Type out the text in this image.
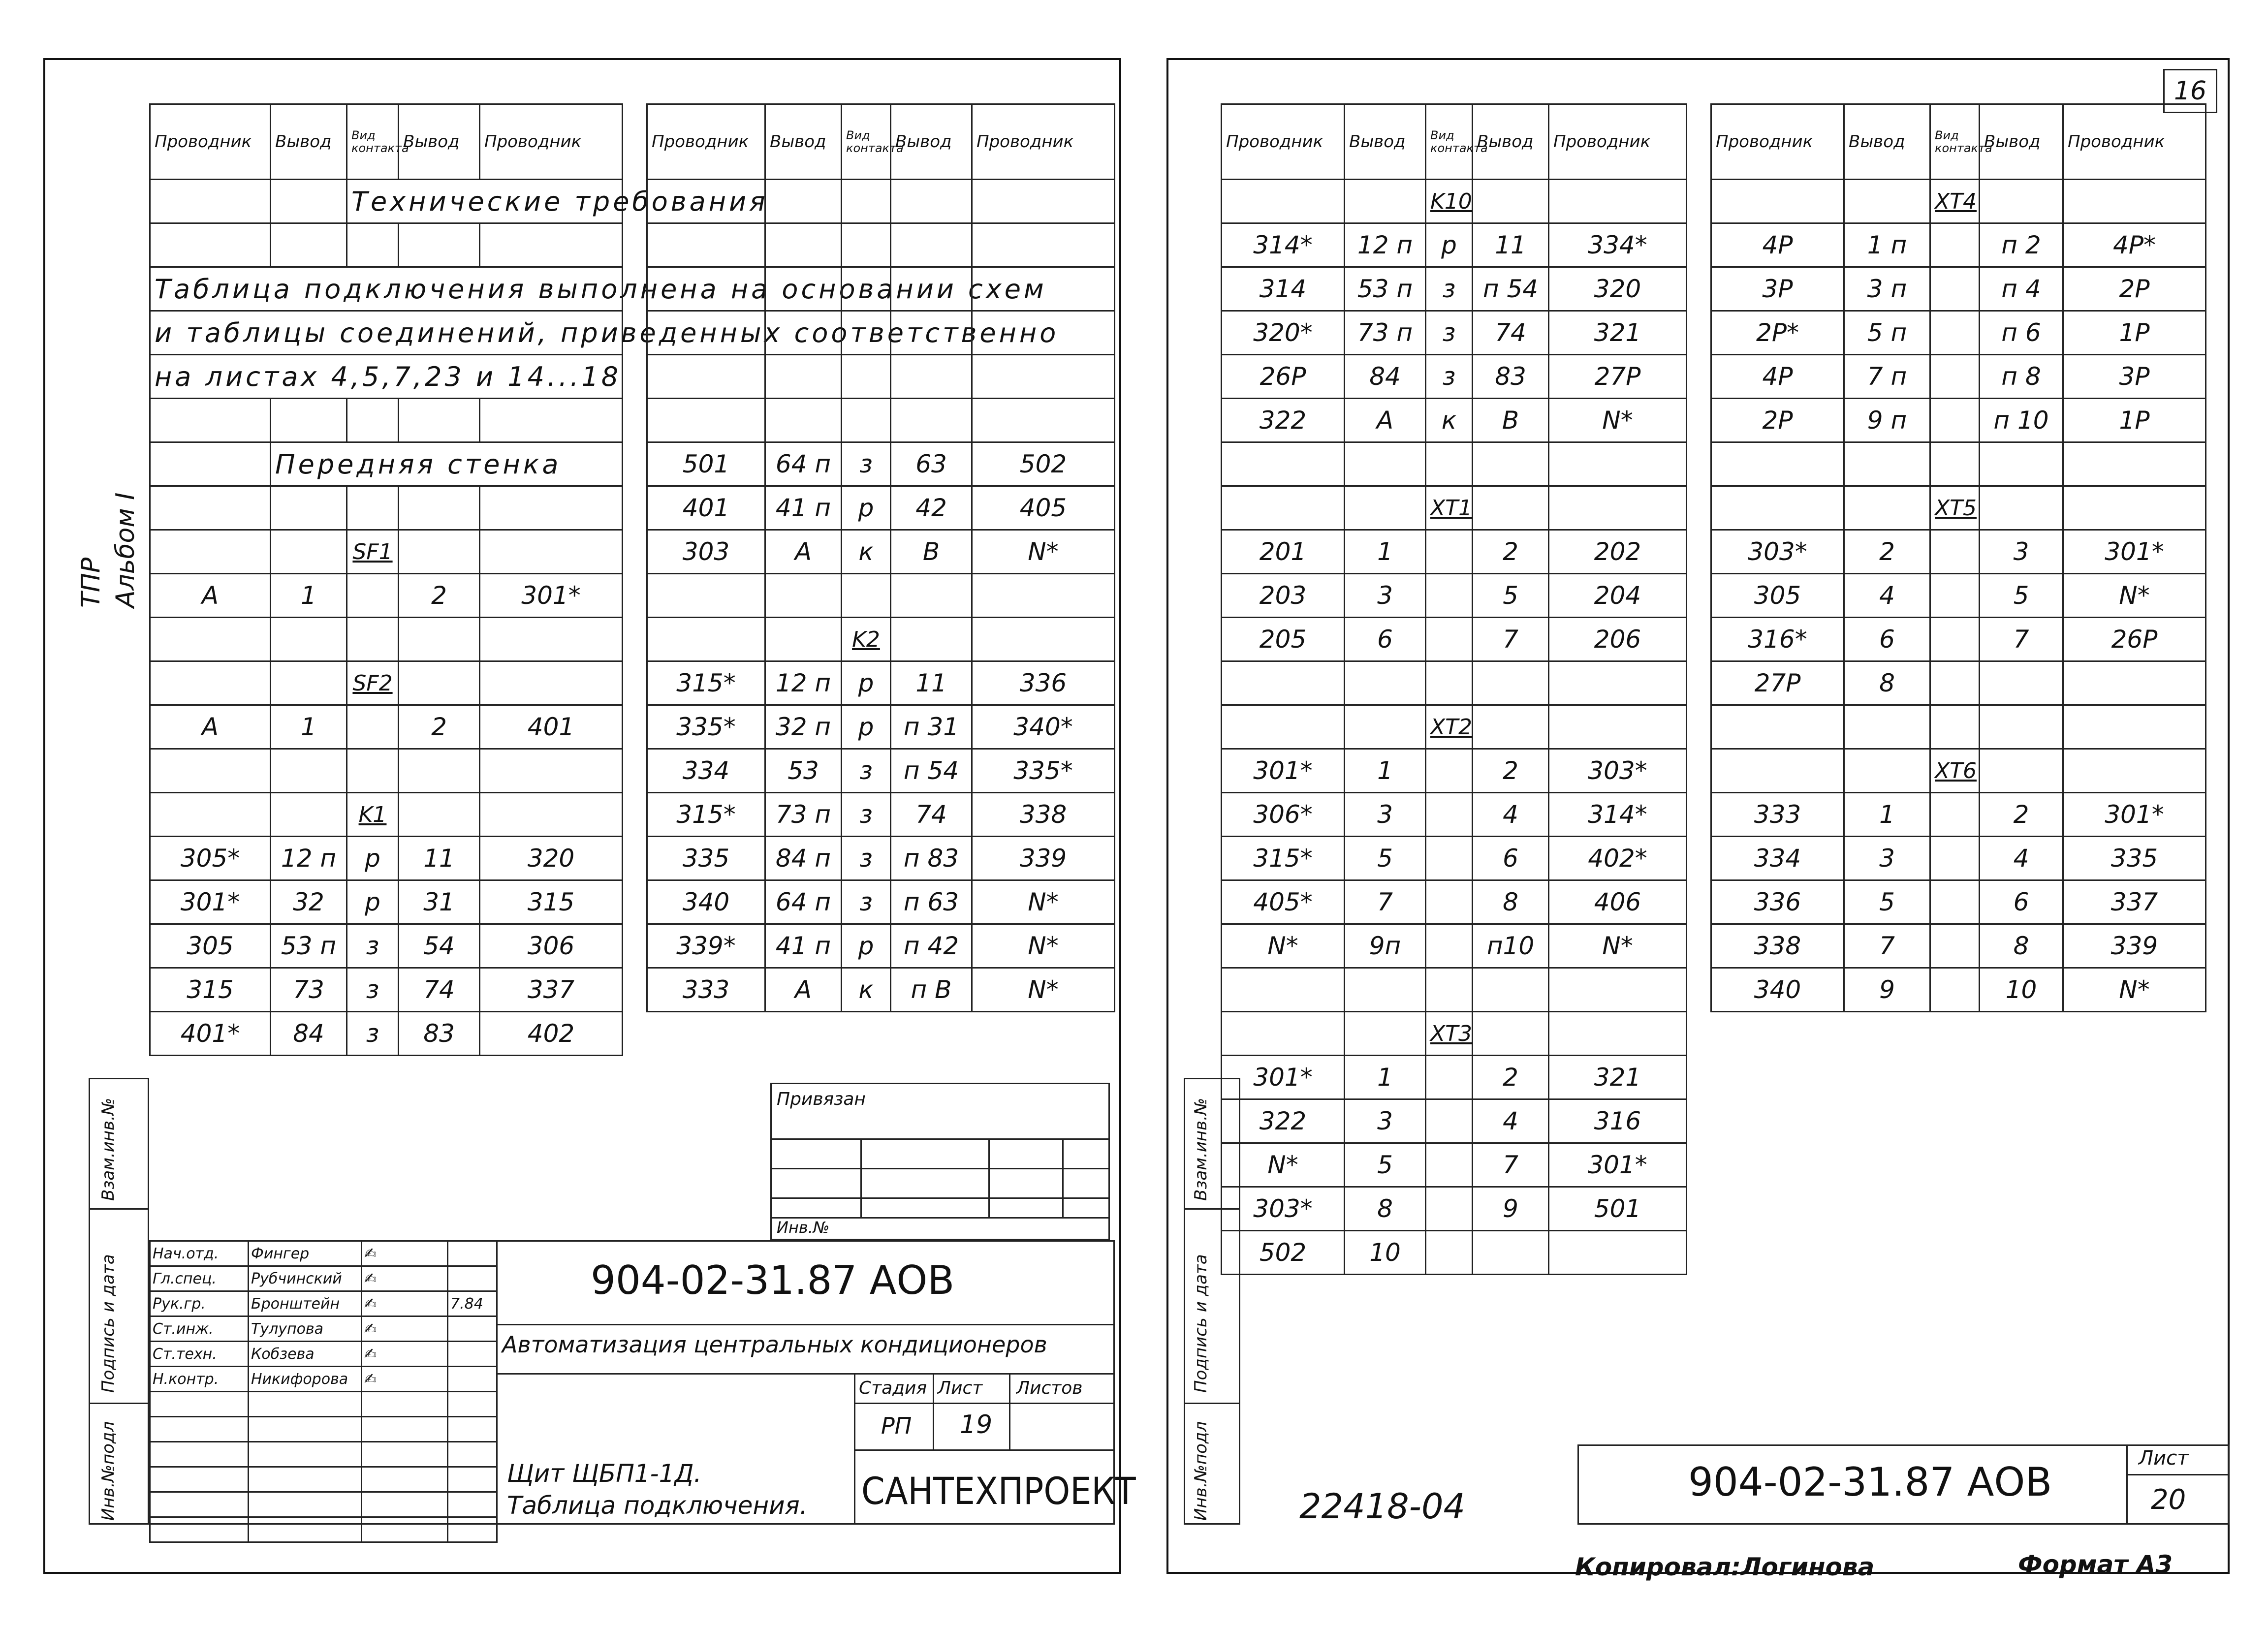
16
ТПР Альбом I
Проводник	Вывод	Вид контакта	Вывод	Проводник
		Технические требования		

Таблица подключения выполнена на основании схем				
и таблицы соединений, приведенных соответственно				
на листах 4,5,7,23 и 14...18				

	Передняя стенка			

		SF1		
А	1		2	301*

		SF2		
А	1		2	401

		K1		
305*	12 п	р	11	320
301*	32	р	31	315
305	53 п	з	54	306
315	73	з	74	337
401*	84	з	83	402
Проводник	Вывод	Вид контакта	Вывод	Проводник

501	64 п	з	63	502
401	41 п	р	42	405
303	А	к	В	N*

		K2		
315*	12 п	р	11	336
335*	32 п	р	п 31	340*
334	53	з	п 54	335*
315*	73 п	з	74	338
335	84 п	з	п 83	339
340	64 п	з	п 63	N*
339*	41 п	р	п 42	N*
333	А	к	п В	N*
Инв.№подл
Подпись и дата
Взам.инв.№	Привязан
Инв.№
Нач.отд.	Фингер	✍	
Гл.спец.	Рубчинский	✍	
Рук.гр.	Бронштейн	✍	7.84
Ст.инж.	Тулупова	✍	
Ст.техн.	Кобзева	✍	
Н.контр.	Никифорова	✍	

904-02-31.87 АОВ
Автоматизация центральных кондиционеров
Стадия Лист Листов
РП 19
Щит ЩБП1-1Д.
Таблица подключения. САНТЕХПРОЕКТ
Проводник	Вывод	Вид контакта	Вывод	Проводник
		K10		
314*	12 п	р	11	334*
314	53 п	з	п 54	320
320*	73 п	з	74	321
26Р	84	з	83	27Р
322	А	к	В	N*

		XT1		
201	1		2	202
203	3		5	204
205	6		7	206

		XT2		
301*	1		2	303*
306*	3		4	314*
315*	5		6	402*
405*	7		8	406
N*	9п		п10	N*

		XT3		
301*	1		2	321
322	3		4	316
N*	5		7	301*
303*	8		9	501
502	10			
Проводник	Вывод	Вид контакта	Вывод	Проводник
		XT4		
4Р	1 п		п 2	4Р*
3Р	3 п		п 4	2Р
2Р*	5 п		п 6	1Р
4Р	7 п		п 8	3Р
2Р	9 п		п 10	1Р

		XT5		
303*	2		3	301*
305	4		5	N*
316*	6		7	26Р
27Р	8			

		XT6		
333	1		2	301*
334	3		4	335
336	5		6	337
338	7		8	339
340	9		10	N*
Инв.№подл
Подпись и дата
Взам.инв.№
904-02-31.87 АОВ
Лист
20
22418-04
Копировал:Логинова	Формат А3
